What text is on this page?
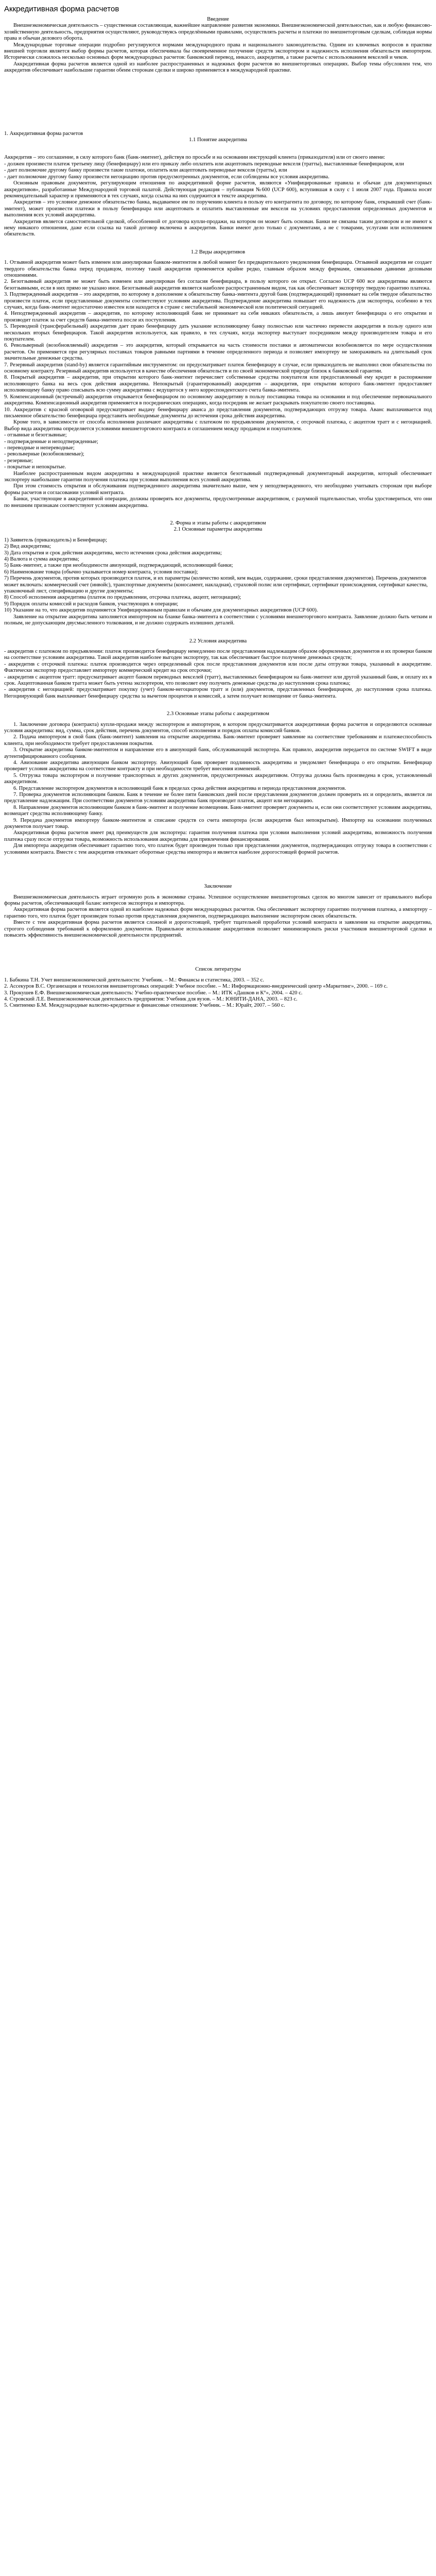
Аккредитивная форма расчетов

Введение

Внешнеэкономическая деятельность – существенная составляющая, важнейшее направление развития экономики. Внешнеэкономической деятельностью, как и любую финансово-хозяйственную деятельность, предприятия осуществляют, руководствуясь определёнными правилами, осуществлять расчеты и платежи по внешнеторговым сделкам, соблюдая нормы права и обычаи делового оборота.

Международные торговые операции подробно регулируются нормами международного права и национального законодательства. Одним из ключевых вопросов в практике внешней торговли является выбор формы расчетов, которая обеспечивала бы своевременное получение средств экспортером и надежность исполнения обязательств импортером. Исторически сложилось несколько основных форм международных расчетов: банковский перевод, инкассо, аккредитив, а также расчеты с использованием векселей и чеков.

Аккредитивная форма расчетов является одной из наиболее распространенных и надежных форм расчетов во внешнеторговых операциях. Выбор темы обусловлен тем, что аккредитив обеспечивает наибольшие гарантии обеим сторонам сделки и широко применяется в международной практике.

1. Аккредитивная форма расчетов

1.1 Понятие аккредитива

Аккредитив – это соглашение, в силу которого банк (банк-эмитент), действуя по просьбе и на основании инструкций клиента (приказодателя) или от своего имени:

- должен произвести платеж третьему лицу (бенефициару) или его приказу либо оплатить или акцептовать переводные векселя (тратты), выставленные бенефициаром, или

- дает полномочие другому банку произвести такие платежи, оплатить или акцептовать переводные векселя (тратты), или

- дает полномочие другому банку произвести негоциацию против предусмотренных документов, если соблюдены все условия аккредитива.

Основным правовым документом, регулирующим отношения по аккредитивной форме расчетов, являются «Унифицированные правила и обычаи для документарных аккредитивов», разработанные Международной торговой палатой. Действующая редакция – публикация №600 (UCP 600), вступившая в силу с 1 июля 2007 года. Правила носят рекомендательный характер и применяются в тех случаях, когда ссылка на них содержится в тексте аккредитива.

Аккредитив – это условное денежное обязательство банка, выдаваемое им по поручению клиента в пользу его контрагента по договору, по которому банк, открывший счет (банк-эмитент), может произвести платежи в пользу бенефициара или акцептовать и оплатить выставленные им векселя на условиях предоставления определенных документов и выполнения всех условий аккредитива.

Аккредитив является самостоятельной сделкой, обособленной от договора купли-продажи, на котором он может быть основан. Банки не связаны таким договором и не имеют к нему никакого отношения, даже если ссылка на такой договор включена в аккредитив. Банки имеют дело только с документами, а не с товарами, услугами или исполнением обязательств.

1.2 Виды аккредитивов

1. Отзывной аккредитив может быть изменен или аннулирован банком-эмитентом в любой момент без предварительного уведомления бенефициара. Отзывной аккредитив не создает твердого обязательства банка перед продавцом, поэтому такой аккредитив применяется крайне редко, главным образом между фирмами, связанными давними деловыми отношениями.

2. Безотзывный аккредитив не может быть изменен или аннулирован без согласия бенефициара, в пользу которого он открыт. Согласно UCP 600 все аккредитивы являются безотзывными, если в них прямо не указано иное. Безотзывный аккредитив является наиболее распространенным видом, так как обеспечивает экспортеру твердую гарантию платежа.

3. Подтвержденный аккредитив – это аккредитив, по которому в дополнение к обязательству банка-эмитента другой банк (подтверждающий) принимает на себя твердое обязательство произвести платеж, если представленные документы соответствуют условиям аккредитива. Подтверждение аккредитива повышает его надежность для экспортера, особенно в тех случаях, когда банк-эмитент недостаточно известен или находится в стране с нестабильной экономической или политической ситуацией.

4. Неподтвержденный аккредитив – аккредитив, по которому исполняющий банк не принимает на себя никаких обязательств, а лишь авизует бенефициара о его открытии и производит платеж за счет средств банка-эмитента после их поступления.

5. Переводной (трансферабельный) аккредитив дает право бенефициару дать указание исполняющему банку полностью или частично перевести аккредитив в пользу одного или нескольких вторых бенефициаров. Такой аккредитив используется, как правило, в тех случаях, когда экспортер выступает посредником между производителем товара и его покупателем.

6. Револьверный (возобновляемый) аккредитив – это аккредитив, который открывается на часть стоимости поставки и автоматически возобновляется по мере осуществления расчетов. Он применяется при регулярных поставках товаров равными партиями в течение определенного периода и позволяет импортеру не замораживать на длительный срок значительные денежные средства.

7. Резервный аккредитив (stand-by) является гарантийным инструментом: он предусматривает платеж бенефициару в случае, если приказодатель не выполнил свои обязательства по основному контракту. Резервный аккредитив используется в качестве обеспечения обязательств и по своей экономической природе близок к банковской гарантии.

8. Покрытый аккредитив – аккредитив, при открытии которого банк-эмитент перечисляет собственные средства покупателя или предоставленный ему кредит в распоряжение исполняющего банка на весь срок действия аккредитива. Непокрытый (гарантированный) аккредитив – аккредитив, при открытии которого банк-эмитент предоставляет исполняющему банку право списывать всю сумму аккредитива с ведущегося у него корреспондентского счета банка-эмитента.

9. Компенсационный (встречный) аккредитив открывается бенефициаром по основному аккредитиву в пользу поставщика товара на основании и под обеспечение первоначального аккредитива. Компенсационный аккредитив применяется в посреднических операциях, когда посредник не желает раскрывать покупателю своего поставщика.

10. Аккредитив с красной оговоркой предусматривает выдачу бенефициару аванса до представления документов, подтверждающих отгрузку товара. Аванс выплачивается под письменное обязательство бенефициара представить необходимые документы до истечения срока действия аккредитива.

Кроме того, в зависимости от способа исполнения различают аккредитивы с платежом по предъявлении документов, с отсрочкой платежа, с акцептом тратт и с негоциацией. Выбор вида аккредитива определяется условиями внешнеторгового контракта и соглашением между продавцом и покупателем.

- отзывные и безотзывные;

- подтвержденные и неподтвержденные;

- переводные и непереводные;

- револьверные (возобновляемые);

- резервные;

- покрытые и непокрытые.

Наиболее распространенным видом аккредитива в международной практике является безотзывный подтвержденный документарный аккредитив, который обеспечивает экспортеру наибольшие гарантии получения платежа при условии выполнения всех условий аккредитива.

При этом стоимость открытия и обслуживания подтвержденного аккредитива значительно выше, чем у неподтвержденного, что необходимо учитывать сторонам при выборе формы расчетов и согласовании условий контракта.

Банки, участвующие в аккредитивной операции, должны проверять все документы, предусмотренные аккредитивом, с разумной тщательностью, чтобы удостовериться, что они по внешним признакам соответствуют условиям аккредитива.

2. Форма и этапы работы с аккредитивом

2.1 Основные параметры аккредитива

1) Заявитель (приказодатель) и Бенефициар;

2) Вид аккредитива;

3) Дата открытия и срок действия аккредитива, место истечения срока действия аккредитива;

4) Валюта и сумма аккредитива;

5) Банк-эмитент, а также при необходимости авизующий, подтверждающий, исполняющий банки;

6) Наименование товара (обычно указывается номер контракта, условия поставки);

7) Перечень документов, против которых производится платеж, и их параметры (количество копий, кем выдан, содержание, сроки представления документов). Перечень документов может включать: коммерческий счет (инвойс), транспортные документы (коносамент, накладная), страховой полис или сертификат, сертификат происхождения, сертификат качества, упаковочный лист, спецификацию и другие документы;

8) Способ исполнения аккредитива (платеж по предъявлении, отсрочка платежа, акцепт, негоциация);

9) Порядок оплаты комиссий и расходов банков, участвующих в операции;

10) Указание на то, что аккредитив подчиняется Унифицированным правилам и обычаям для документарных аккредитивов (UCP 600).

Заявление на открытие аккредитива заполняется импортером на бланке банка-эмитента в соответствии с условиями внешнеторгового контракта. Заявление должно быть четким и полным, не допускающим двусмысленного толкования, и не должно содержать излишних деталей.

2.2 Условия аккредитива

- аккредитив с платежом по предъявлении: платеж производится бенефициару немедленно после представления надлежащим образом оформленных документов и их проверки банком на соответствие условиям аккредитива. Такой аккредитив наиболее выгоден экспортеру, так как обеспечивает быстрое получение денежных средств;

- аккредитив с отсрочкой платежа: платеж производится через определенный срок после представления документов или после даты отгрузки товара, указанный в аккредитиве. Фактически экспортер предоставляет импортеру коммерческий кредит на срок отсрочки;

- аккредитив с акцептом тратт: предусматривает акцепт банком переводных векселей (тратт), выставленных бенефициаром на банк-эмитент или другой указанный банк, и оплату их в срок. Акцептованная банком тратта может быть учтена экспортером, что позволяет ему получить денежные средства до наступления срока платежа;

- аккредитив с негоциацией: предусматривает покупку (учет) банком-негоциатором тратт и (или) документов, представленных бенефициаром, до наступления срока платежа. Негоциирующий банк выплачивает бенефициару средства за вычетом процентов и комиссий, а затем получает возмещение от банка-эмитента.

2.3 Основные этапы работы с аккредитивом

1. Заключение договора (контракта) купли-продажи между экспортером и импортером, в котором предусматривается аккредитивная форма расчетов и определяются основные условия аккредитива: вид, сумма, срок действия, перечень документов, способ исполнения и порядок оплаты комиссий банков.

2. Подача импортером в свой банк (банк-эмитент) заявления на открытие аккредитива. Банк-эмитент проверяет заявление на соответствие требованиям и платежеспособность клиента, при необходимости требует предоставления покрытия.

3. Открытие аккредитива банком-эмитентом и направление его в авизующий банк, обслуживающий экспортера. Как правило, аккредитив передается по системе SWIFT в виде аутентифицированного сообщения.

4. Авизование аккредитива авизующим банком экспортеру. Авизующий банк проверяет подлинность аккредитива и уведомляет бенефициара о его открытии. Бенефициар проверяет условия аккредитива на соответствие контракту и при необходимости требует внесения изменений.

5. Отгрузка товара экспортером и получение транспортных и других документов, предусмотренных аккредитивом. Отгрузка должна быть произведена в срок, установленный аккредитивом.

6. Представление экспортером документов в исполняющий банк в пределах срока действия аккредитива и периода представления документов.

7. Проверка документов исполняющим банком. Банк в течение не более пяти банковских дней после представления документов должен проверить их и определить, является ли представление надлежащим. При соответствии документов условиям аккредитива банк производит платеж, акцепт или негоциацию.

8. Направление документов исполняющим банком в банк-эмитент и получение возмещения. Банк-эмитент проверяет документы и, если они соответствуют условиям аккредитива, возмещает средства исполняющему банку.

9. Передача документов импортеру банком-эмитентом и списание средств со счета импортера (если аккредитив был непокрытым). Импортер на основании полученных документов получает товар.

Аккредитивная форма расчетов имеет ряд преимуществ для экспортера: гарантия получения платежа при условии выполнения условий аккредитива, возможность получения платежа сразу после отгрузки товара, возможность использования аккредитива для привлечения финансирования.

Для импортера аккредитив обеспечивает гарантию того, что платеж будет произведен только при представлении документов, подтверждающих отгрузку товара в соответствии с условиями контракта. Вместе с тем аккредитив отвлекает оборотные средства импортера и является наиболее дорогостоящей формой расчетов.

Заключение

Внешнеэкономическая деятельность играет огромную роль в экономике страны. Успешное осуществление внешнеторговых сделок во многом зависит от правильного выбора формы расчетов, обеспечивающей баланс интересов экспортера и импортера.

Аккредитивная форма расчетов является одной из наиболее надежных форм международных расчетов. Она обеспечивает экспортеру гарантию получения платежа, а импортеру – гарантию того, что платеж будет произведен только против представления документов, подтверждающих выполнение экспортером своих обязательств.

Вместе с тем аккредитивная форма расчетов является сложной и дорогостоящей, требует тщательной проработки условий контракта и заявления на открытие аккредитива, строгого соблюдения требований к оформлению документов. Правильное использование аккредитивов позволяет минимизировать риски участников внешнеторговой сделки и повысить эффективность внешнеэкономической деятельности предприятий.

Список литературы

1. Бабкина Т.Н. Учет внешнеэкономической деятельности: Учебник. – М.: Финансы и статистика, 2003. – 352 с.

2. Ассекуров В.С. Организация и технология внешнеторговых операций: Учебное пособие. – М.: Информационно-внедренческий центр «Маркетинг», 2000. – 169 с.

3. Прокушев Е.Ф. Внешнеэкономическая деятельность: Учебно-практическое пособие. – М.: ИТК «Дашков и К°», 2004. – 420 с.

4. Стровский Л.Е. Внешнеэкономическая деятельность предприятия: Учебник для вузов. – М.: ЮНИТИ-ДАНА, 2003. – 823 с.

5. Смитиенко Б.М. Международные валютно-кредитные и финансовые отношения: Учебник. – М.: Юрайт, 2007. – 560 с.
